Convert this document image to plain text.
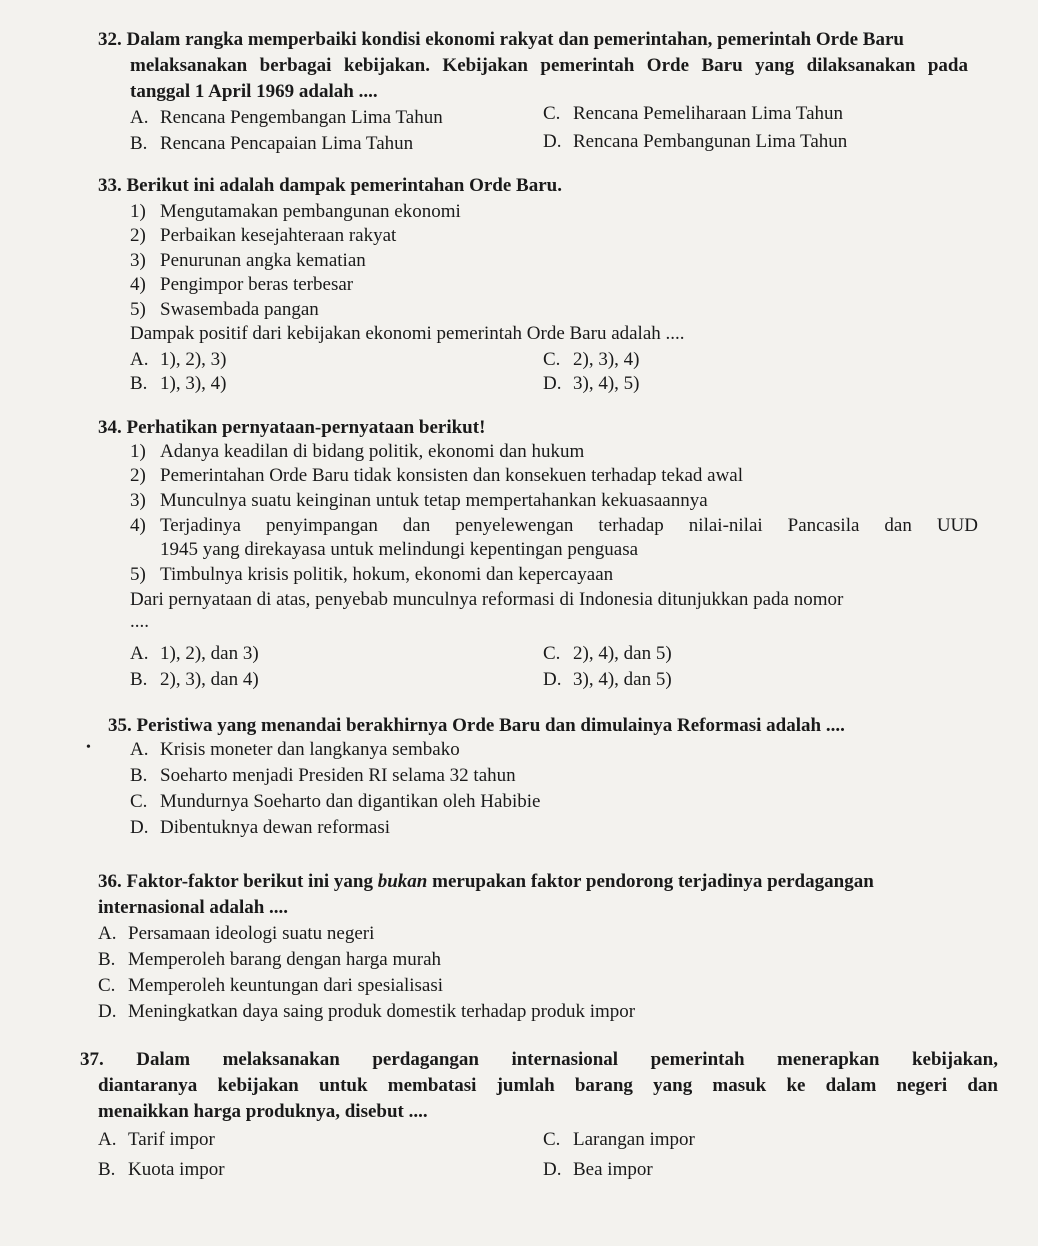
32. Dalam rangka memperbaiki kondisi ekonomi rakyat dan pemerintahan, pemerintah Orde Baru
melaksanakan berbagai kebijakan. Kebijakan pemerintah Orde Baru yang dilaksanakan pada
tanggal 1 April 1969 adalah ....
A. Rencana Pengembangan Lima Tahun
B. Rencana Pencapaian Lima Tahun
C. Rencana Pemeliharaan Lima Tahun
D. Rencana Pembangunan Lima Tahun
33. Berikut ini adalah dampak pemerintahan Orde Baru.
1) Mengutamakan pembangunan ekonomi
2) Perbaikan kesejahteraan rakyat
3) Penurunan angka kematian
4) Pengimpor beras terbesar
5) Swasembada pangan
Dampak positif dari kebijakan ekonomi pemerintah Orde Baru adalah ....
A. 1), 2), 3)
B. 1), 3), 4)
C. 2), 3), 4)
D. 3), 4), 5)
34. Perhatikan pernyataan-pernyataan berikut!
1) Adanya keadilan di bidang politik, ekonomi dan hukum
2) Pemerintahan Orde Baru tidak konsisten dan konsekuen terhadap tekad awal
3) Munculnya suatu keinginan untuk tetap mempertahankan kekuasaannya
4) Terjadinya penyimpangan dan penyelewengan terhadap nilai-nilai Pancasila dan UUD
1945 yang direkayasa untuk melindungi kepentingan penguasa
5) Timbulnya krisis politik, hokum, ekonomi dan kepercayaan
Dari pernyataan di atas, penyebab munculnya reformasi di Indonesia ditunjukkan pada nomor
....
A. 1), 2), dan 3)
B. 2), 3), dan 4)
C. 2), 4), dan 5)
D. 3), 4), dan 5)
35. Peristiwa yang menandai berakhirnya Orde Baru dan dimulainya Reformasi adalah ....
A. Krisis moneter dan langkanya sembako
B. Soeharto menjadi Presiden RI selama 32 tahun
C. Mundurnya Soeharto dan digantikan oleh Habibie
D. Dibentuknya dewan reformasi
36. Faktor-faktor berikut ini yang bukan merupakan faktor pendorong terjadinya perdagangan
internasional adalah ....
A. Persamaan ideologi suatu negeri
B. Memperoleh barang dengan harga murah
C. Memperoleh keuntungan dari spesialisasi
D. Meningkatkan daya saing produk domestik terhadap produk impor
37. Dalam melaksanakan perdagangan internasional pemerintah menerapkan kebijakan,
diantaranya kebijakan untuk membatasi jumlah barang yang masuk ke dalam negeri dan
menaikkan harga produknya, disebut ....
A. Tarif impor
B. Kuota impor
C. Larangan impor
D. Bea impor
•
